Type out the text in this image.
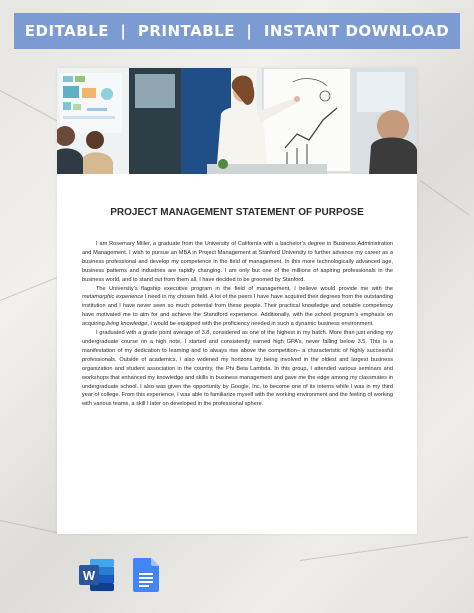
EDITABLE  |  PRINTABLE  |  INSTANT DOWNLOAD
PROJECT MANAGEMENT STATEMENT OF PURPOSE

I am Rosemary Miller, a graduate from the University of California with a bachelor’s degree in Business Administration and Management. I wish to pursue an MBA in Project Management at Stanford University to further advance my career as a business professional and develop my competence in the field of management. In this more technologically advanced age, business patterns and industries are rapidly changing. I am only but one of the millions of aspiring professionals in the business world, and to stand out from them all, I have decided to be groomed by Stanford.

The University’s flagship executive program in the field of management, I believe would provide me with the metamorphic experience I need in my chosen field. A lot of the peers I have have acquired their degrees from the outstanding institution and I have never seen so much potential from these people. Their practical knowledge and notable competency have motivated me to aim for and achieve the Standford experience. Additionally, with the school program’s emphasis on acquiring living knowledge, I would be equipped with the proficiency needed in such a dynamic business environment.

I graduated with a grade point average of 3.8, considered as one of the highest in my batch. More than just ending my undergraduate course on a high note, I started and consistently earned high GPA’s, never falling below 3.5. This is a manifestation of my dedication to learning and to always rise above the competition– a characteristic of highly successful professionals. Outside of academics, I also widened my horizons by being involved in the oldest and largest business organization and student association in the country, the Phi Beta Lambda. In this group, I attended various seminars and workshops that enhanced my knowledge and skills in business management and gave me the edge among my classmates in undergraduate school. I also was given the opportunity by Google, Inc. to become one of its interns while I was in my third year of college. From this experience, I was able to familiarize myself with the working environment and the feeling of working with various teams, a skill I later on developed in the professional sphere.

W
